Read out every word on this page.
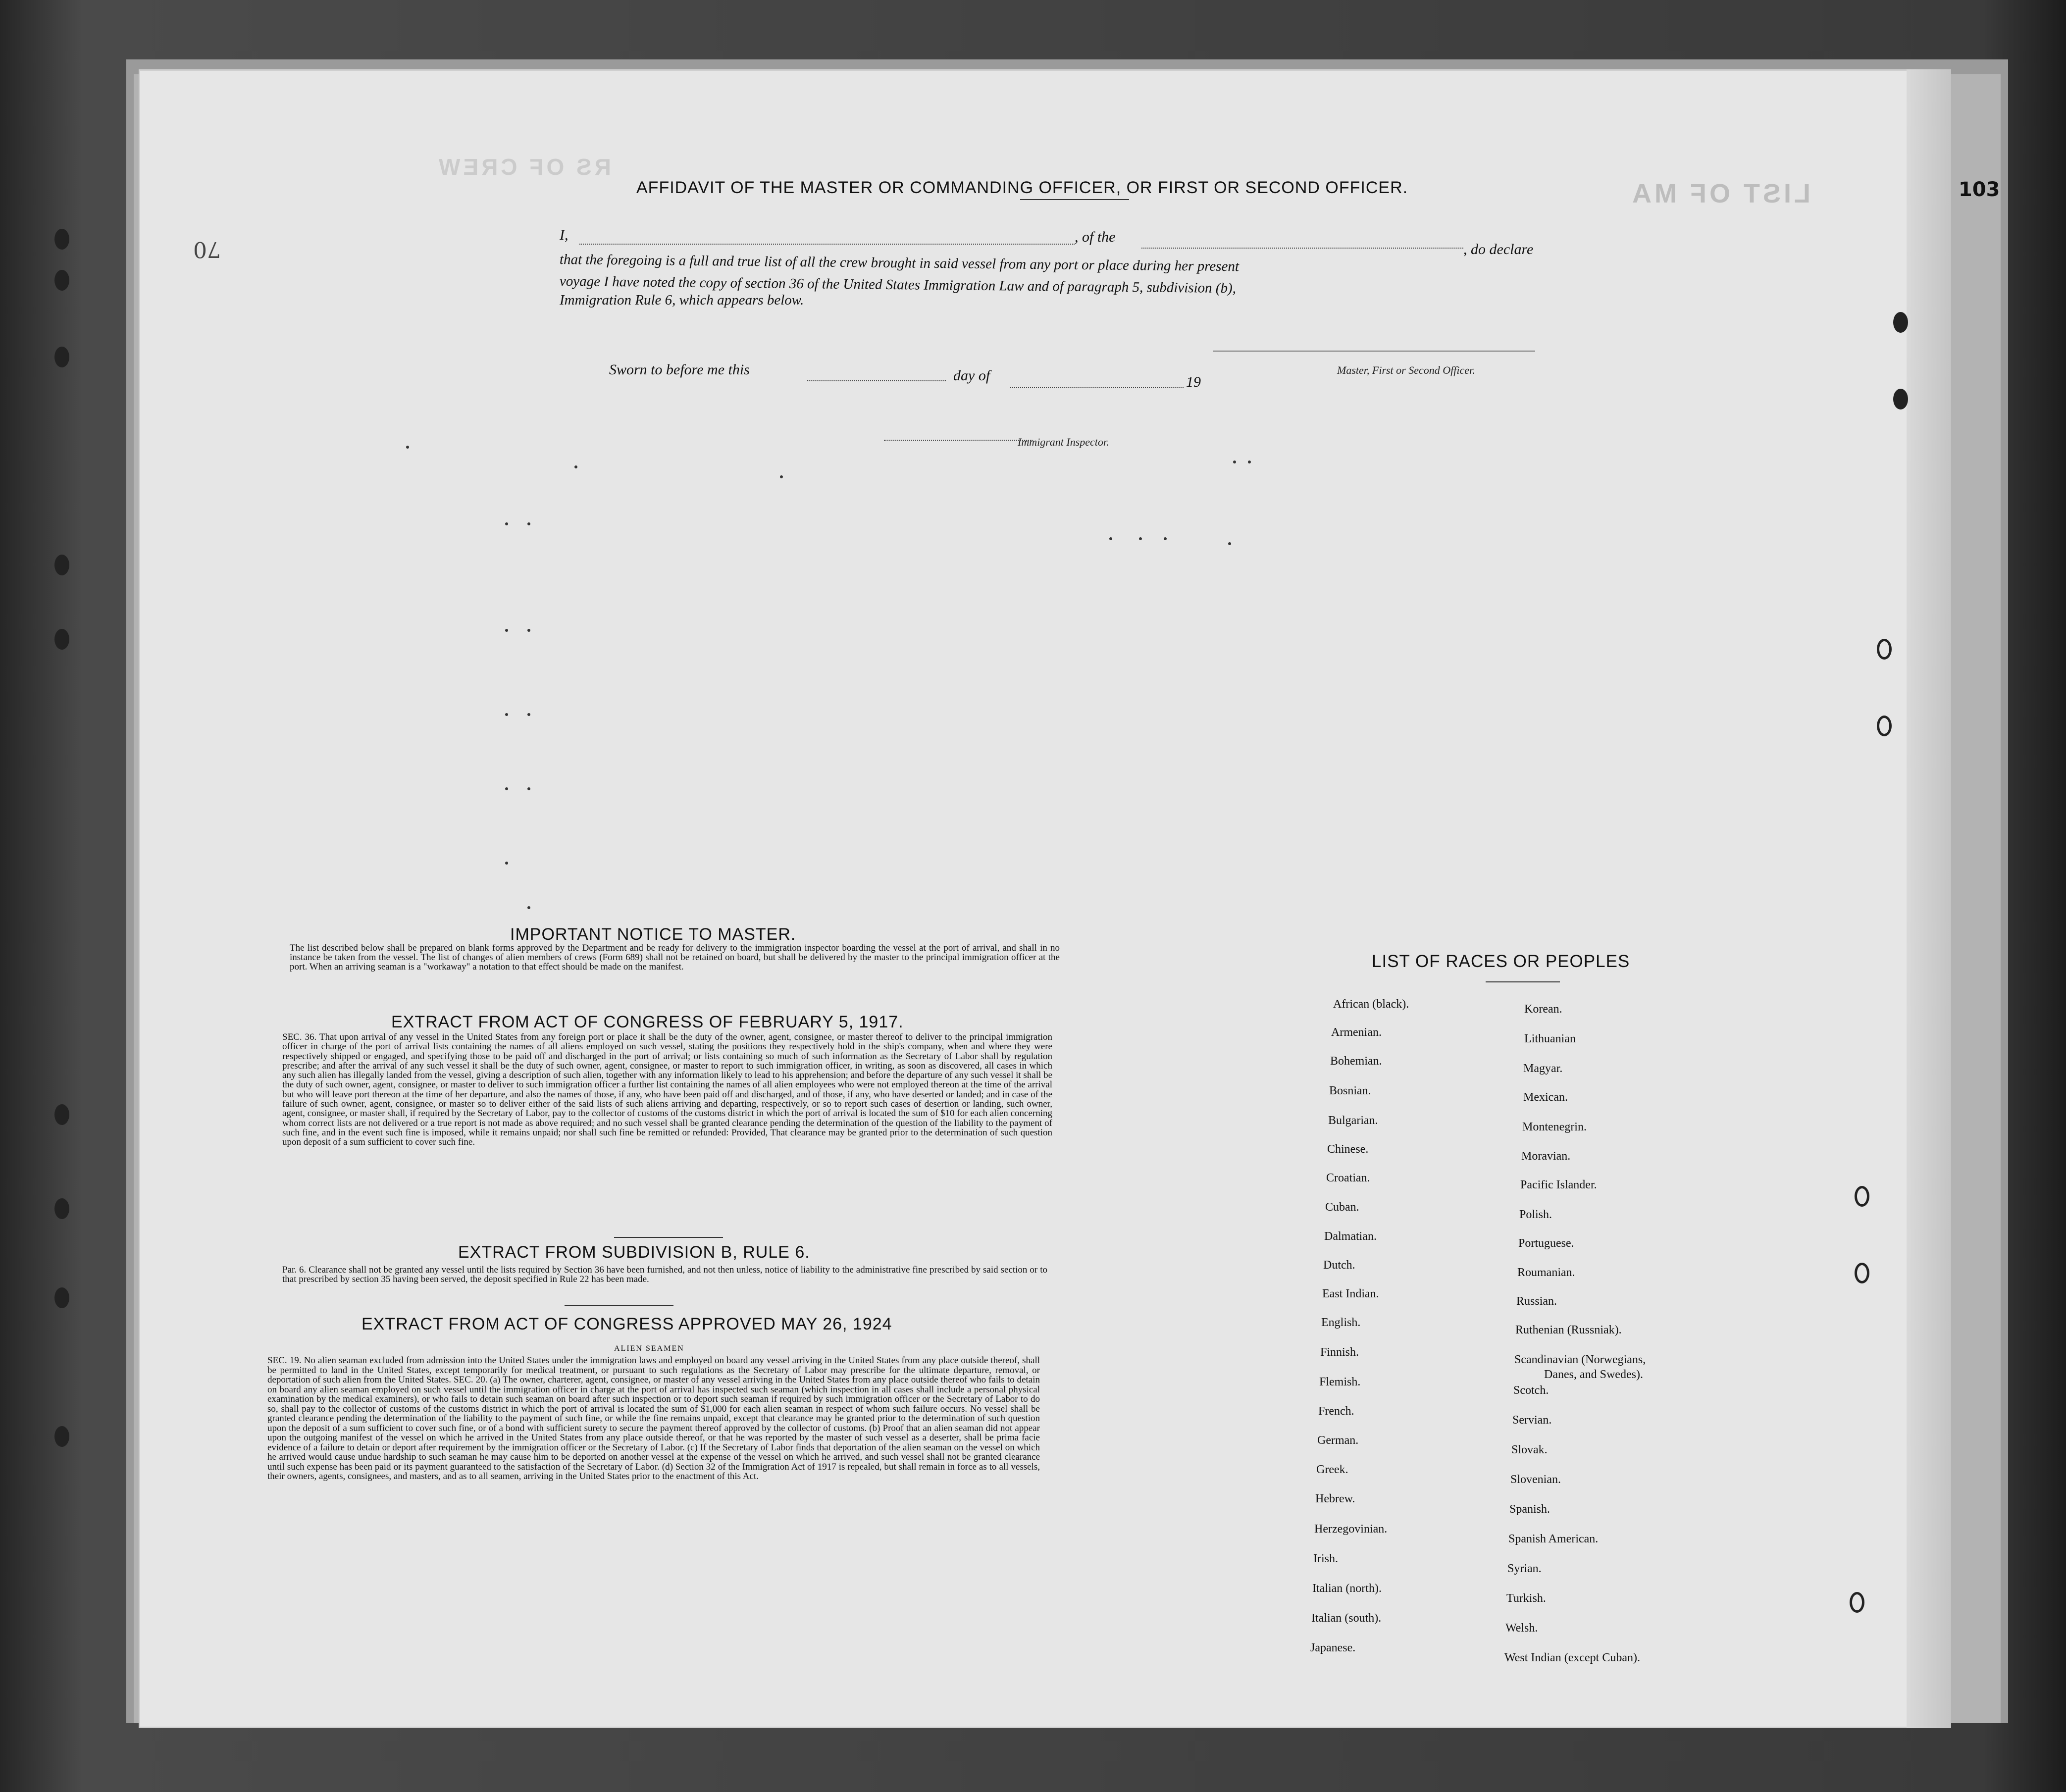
103
70
LIST OF MA
RS OF CREW
AFFIDAVIT OF THE MASTER OR COMMANDING OFFICER, OR FIRST OR SECOND OFFICER.
I,	, of the
, do declare
that the foregoing is a full and true list of all the crew brought in said vessel from any port or place during her present
voyage I have noted the copy of section 36 of the United States Immigration Law and of paragraph 5, subdivision (b),
Immigration Rule 6, which appears below.
Sworn to before me this	day of	19
Master, First or Second Officer.
Immigrant Inspector.
IMPORTANT NOTICE TO MASTER.
The list described below shall be prepared on blank forms approved by the Department and be ready for delivery to the immigration inspector boarding the vessel at the port of arrival, and shall in no instance be taken from the vessel. The list of changes of alien members of crews (Form 689) shall not be retained on board, but shall be delivered by the master to the principal immigration officer at the port. When an arriving seaman is a "workaway" a notation to that effect should be made on the manifest.
EXTRACT FROM ACT OF CONGRESS OF FEBRUARY 5, 1917.
SEC. 36. That upon arrival of any vessel in the United States from any foreign port or place it shall be the duty of the owner, agent, consignee, or master thereof to deliver to the principal immigration officer in charge of the port of arrival lists containing the names of all aliens employed on such vessel, stating the positions they respectively hold in the ship's company, when and where they were respectively shipped or engaged, and specifying those to be paid off and discharged in the port of arrival; or lists containing so much of such information as the Secretary of Labor shall by regulation prescribe; and after the arrival of any such vessel it shall be the duty of such owner, agent, consignee, or master to report to such immigration officer, in writing, as soon as discovered, all cases in which any such alien has illegally landed from the vessel, giving a description of such alien, together with any information likely to lead to his apprehension; and before the departure of any such vessel it shall be the duty of such owner, agent, consignee, or master to deliver to such immigration officer a further list containing the names of all alien employees who were not employed thereon at the time of the arrival but who will leave port thereon at the time of her departure, and also the names of those, if any, who have been paid off and discharged, and of those, if any, who have deserted or landed; and in case of the failure of such owner, agent, consignee, or master so to deliver either of the said lists of such aliens arriving and departing, respectively, or so to report such cases of desertion or landing, such owner, agent, consignee, or master shall, if required by the Secretary of Labor, pay to the collector of customs of the customs district in which the port of arrival is located the sum of $10 for each alien concerning whom correct lists are not delivered or a true report is not made as above required; and no such vessel shall be granted clearance pending the determination of the question of the liability to the payment of such fine, and in the event such fine is imposed, while it remains unpaid; nor shall such fine be remitted or refunded: Provided, That clearance may be granted prior to the determination of such question upon deposit of a sum sufficient to cover such fine.
EXTRACT FROM SUBDIVISION B, RULE 6.
Par. 6. Clearance shall not be granted any vessel until the lists required by Section 36 have been furnished, and not then unless, notice of liability to the administrative fine prescribed by said section or to that prescribed by section 35 having been served, the deposit specified in Rule 22 has been made.
EXTRACT FROM ACT OF CONGRESS APPROVED MAY 26, 1924
ALIEN SEAMEN
SEC. 19. No alien seaman excluded from admission into the United States under the immigration laws and employed on board any vessel arriving in the United States from any place outside thereof, shall be permitted to land in the United States, except temporarily for medical treatment, or pursuant to such regulations as the Secretary of Labor may prescribe for the ultimate departure, removal, or deportation of such alien from the United States. SEC. 20. (a) The owner, charterer, agent, consignee, or master of any vessel arriving in the United States from any place outside thereof who fails to detain on board any alien seaman employed on such vessel until the immigration officer in charge at the port of arrival has inspected such seaman (which inspection in all cases shall include a personal physical examination by the medical examiners), or who fails to detain such seaman on board after such inspection or to deport such seaman if required by such immigration officer or the Secretary of Labor to do so, shall pay to the collector of customs of the customs district in which the port of arrival is located the sum of $1,000 for each alien seaman in respect of whom such failure occurs. No vessel shall be granted clearance pending the determination of the liability to the payment of such fine, or while the fine remains unpaid, except that clearance may be granted prior to the determination of such question upon the deposit of a sum sufficient to cover such fine, or of a bond with sufficient surety to secure the payment thereof approved by the collector of customs. (b) Proof that an alien seaman did not appear upon the outgoing manifest of the vessel on which he arrived in the United States from any place outside thereof, or that he was reported by the master of such vessel as a deserter, shall be prima facie evidence of a failure to detain or deport after requirement by the immigration officer or the Secretary of Labor. (c) If the Secretary of Labor finds that deportation of the alien seaman on the vessel on which he arrived would cause undue hardship to such seaman he may cause him to be deported on another vessel at the expense of the vessel on which he arrived, and such vessel shall not be granted clearance until such expense has been paid or its payment guaranteed to the satisfaction of the Secretary of Labor. (d) Section 32 of the Immigration Act of 1917 is repealed, but shall remain in force as to all vessels, their owners, agents, consignees, and masters, and as to all seamen, arriving in the United States prior to the enactment of this Act.
LIST OF RACES OR PEOPLES
African (black).
Armenian.
Bohemian.
Bosnian.
Bulgarian.
Chinese.
Croatian.
Cuban.
Dalmatian.
Dutch.
East Indian.
English.
Finnish.
Flemish.
French.
German.
Greek.
Hebrew.
Herzegovinian.
Irish.
Italian (north).
Italian (south).
Japanese.
Korean.
Lithuanian
Magyar.
Mexican.
Montenegrin.
Moravian.
Pacific Islander.
Polish.
Portuguese.
Roumanian.
Russian.
Ruthenian (Russniak).
Scandinavian (Norwegians,
Danes, and Swedes).
Scotch.
Servian.
Slovak.
Slovenian.
Spanish.
Spanish American.
Syrian.
Turkish.
Welsh.
West Indian (except Cuban).
